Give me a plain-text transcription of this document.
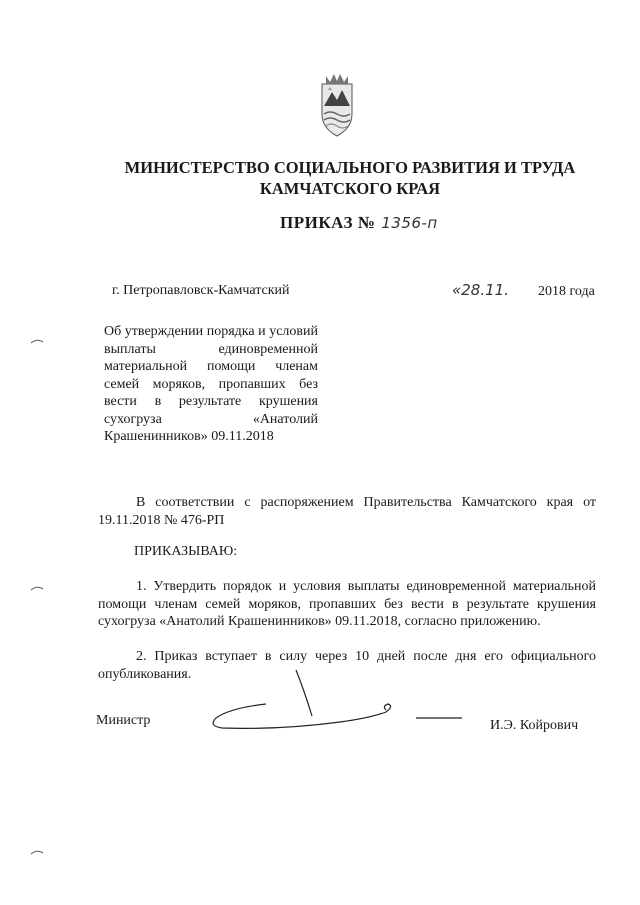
МИНИСТЕРСТВО СОЦИАЛЬНОГО РАЗВИТИЯ И ТРУДА
КАМЧАТСКОГО КРАЯ
ПРИКАЗ № 1356-п
г. Петропавловск-Камчатский	«28.11. 2018 года
Об утверждении порядка и условий выплаты единовременной материальной помощи членам семей моряков, пропавших без вести в результате крушения сухогруза «Анатолий Крашенинников» 09.11.2018
В соответствии с распоряжением Правительства Камчатского края от 19.11.2018 № 476-РП
ПРИКАЗЫВАЮ:
1. Утвердить порядок и условия выплаты единовременной материальной помощи членам семей моряков, пропавших без вести в результате крушения сухогруза «Анатолий Крашенинников» 09.11.2018, согласно приложению.
2. Приказ вступает в силу через 10 дней после дня его официального опубликования.
Министр	И.Э. Койрович
